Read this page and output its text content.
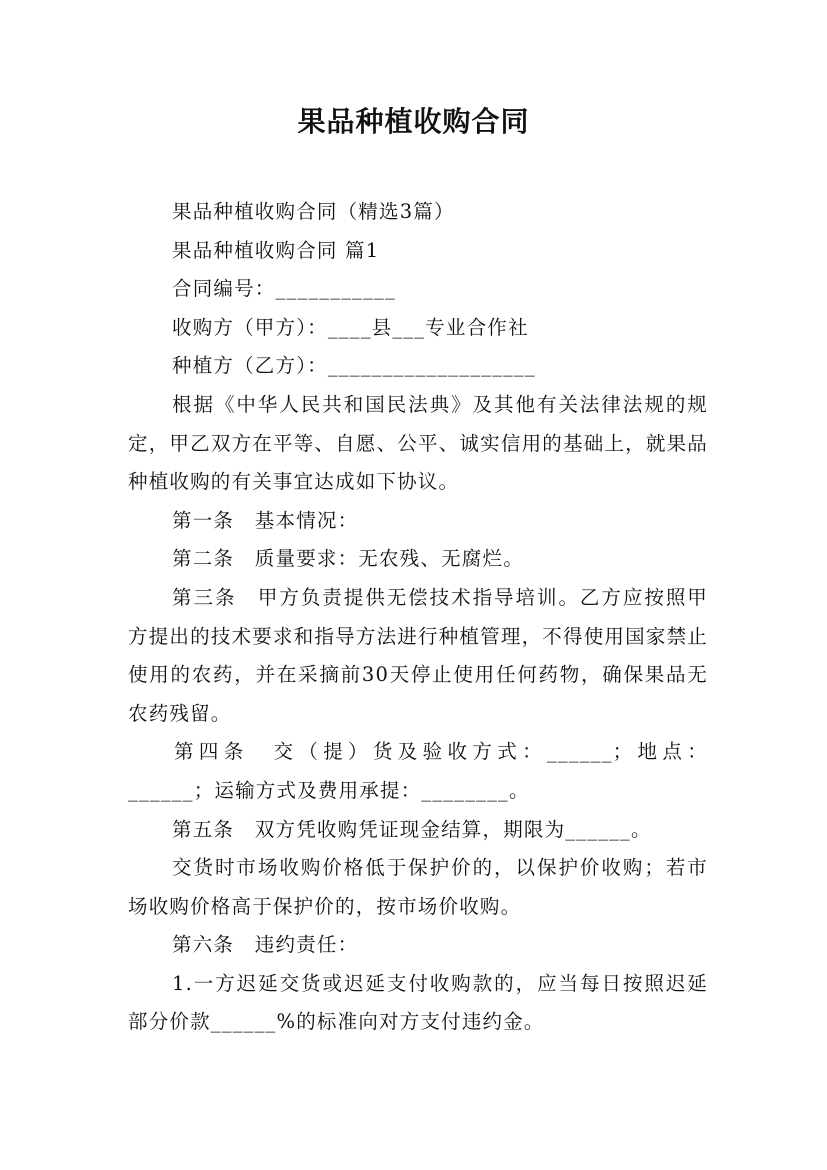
果品种植收购合同

果品种植收购合同（精选3篇）

果品种植收购合同 篇1

合同编号：___________

收购方（甲方）：____县___专业合作社

种植方（乙方）：___________________

根据《中华人民共和国民法典》及其他有关法律法规的规定，甲乙双方在平等、自愿、公平、诚实信用的基础上，就果品种植收购的有关事宜达成如下协议。

第一条　基本情况：

第二条　质量要求：无农残、无腐烂。

第三条　甲方负责提供无偿技术指导培训。乙方应按照甲方提出的技术要求和指导方法进行种植管理，不得使用国家禁止使用的农药，并在采摘前30天停止使用任何药物，确保果品无农药残留。

第四条　交（提）货及验收方式：______；地点：______；运输方式及费用承提：________。

第五条　双方凭收购凭证现金结算，期限为______。

交货时市场收购价格低于保护价的，以保护价收购；若市场收购价格高于保护价的，按市场价收购。

第六条　违约责任：

1.一方迟延交货或迟延支付收购款的，应当每日按照迟延部分价款______%的标准向对方支付违约金。
